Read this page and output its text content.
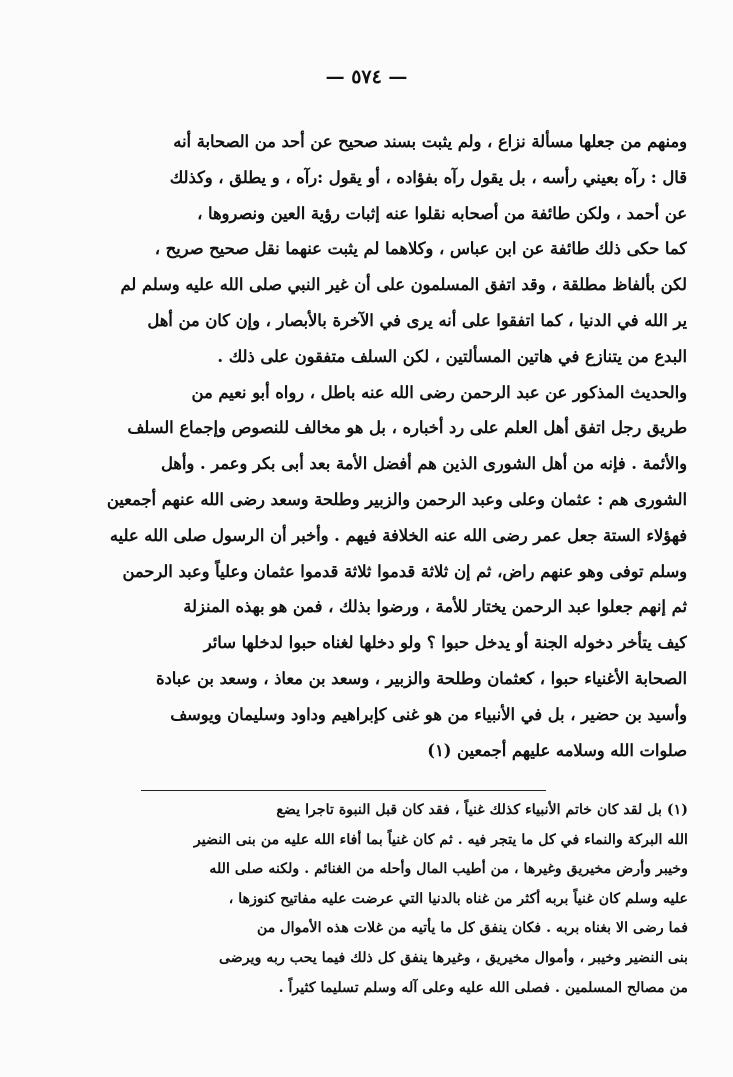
— ٥٧٤ —
ومنهم من جعلها مسألة نزاع ، ولم يثبت بسند صحيح عن أحد من الصحابة أنه
قال : رآه بعيني رأسه ، بل يقول رآه بفؤاده ، أو يقول :رآه ، و يطلق ، وكذلك
عن أحمد ، ولكن طائفة من أصحابه نقلوا عنه إثبات رؤية العين ونصروها ،
كما حكى ذلك طائفة عن ابن عباس ، وكلاهما لم يثبت عنهما نقل صحيح صريح ،
لكن بألفاظ مطلقة ، وقد اتفق المسلمون على أن غير النبي صلى الله عليه وسلم لم
ير الله في الدنيا ، كما اتفقوا على أنه يرى في الآخرة بالأبصار ، وإن كان من أهل
البدع من يتنازع في هاتين المسألتين ، لكن السلف متفقون على ذلك .
والحديث المذكور عن عبد الرحمن رضى الله عنه باطل ، رواه أبو نعيم من
طريق رجل اتفق أهل العلم على رد أخباره ، بل هو مخالف للنصوص وإجماع السلف
والأئمة . فإنه من أهل الشورى الذين هم أفضل الأمة بعد أبى بكر وعمر . وأهل
الشورى هم : عثمان وعلى وعبد الرحمن والزبير وطلحة وسعد رضى الله عنهم أجمعين
فهؤلاء الستة جعل عمر رضى الله عنه الخلافة فيهم . وأخبر أن الرسول صلى الله عليه
وسلم توفى وهو عنهم راض، ثم إن ثلاثة قدموا ثلاثة قدموا عثمان وعلياً وعبد الرحمن
ثم إنهم جعلوا عبد الرحمن يختار للأمة ، ورضوا بذلك ، فمن هو بهذه المنزلة
كيف يتأخر دخوله الجنة أو يدخل حبوا ؟ ولو دخلها لغناه حبوا لدخلها سائر
الصحابة الأغنياء حبوا ، كعثمان وطلحة والزبير ، وسعد بن معاذ ، وسعد بن عبادة
وأسيد بن حضير ، بل في الأنبياء من هو غنى كإبراهيم وداود وسليمان ويوسف
صلوات الله وسلامه عليهم أجمعين (١)
(١) بل لقد كان خاتم الأنبياء كذلك غنياً ، فقد كان قبل النبوة تاجرا يضع
الله البركة والنماء في كل ما يتجر فيه . ثم كان غنياً بما أفاء الله عليه من بنى النضير
وخيبر وأرض مخيريق وغيرها ، من أطيب المال وأحله من الغنائم . ولكنه صلى الله
عليه وسلم كان غنياً بربه أكثر من غناه بالدنيا التي عرضت عليه مفاتيح كنوزها ،
فما رضى الا بغناه بربه . فكان ينفق كل ما يأتيه من غلات هذه الأموال من
بنى النضير وخيبر ، وأموال مخيريق ، وغيرها ينفق كل ذلك فيما يحب ربه ويرضى
من مصالح المسلمين . فصلى الله عليه وعلى آله وسلم تسليما كثيراً .
